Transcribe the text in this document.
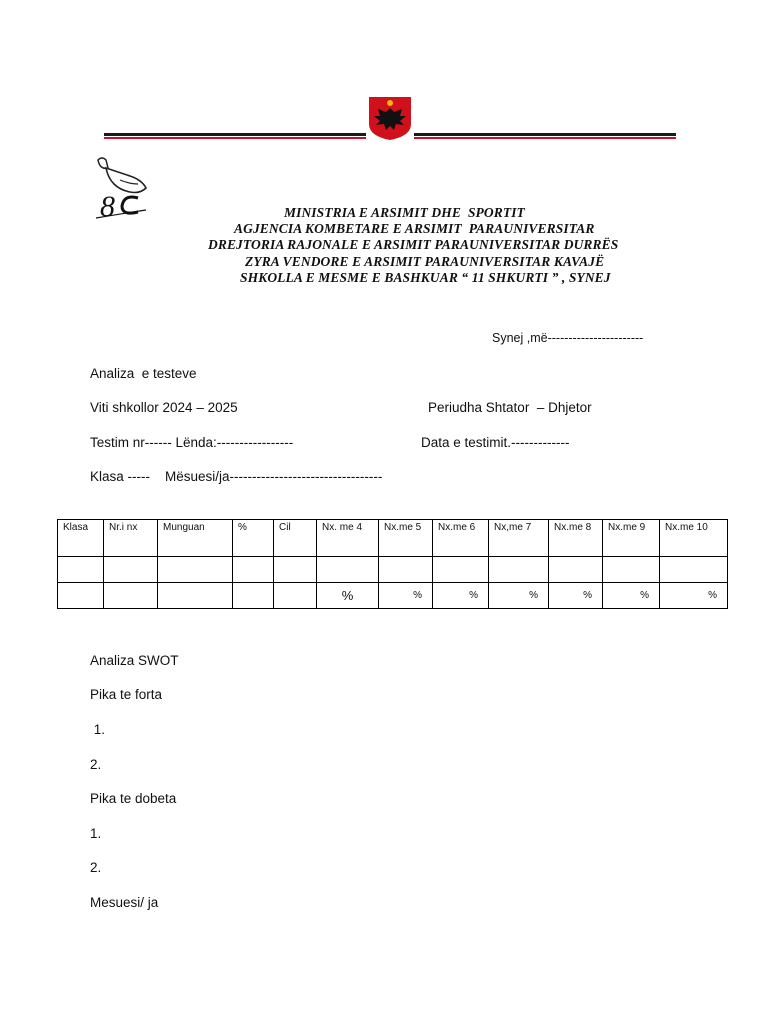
8	MINISTRIA E ARSIMIT DHE  SPORTIT
AGJENCIA KOMBETARE E ARSIMIT  PARAUNIVERSITAR
DREJTORIA RAJONALE E ARSIMIT PARAUNIVERSITAR DURRËS
ZYRA VENDORE E ARSIMIT PARAUNIVERSITAR KAVAJË
SHKOLLA E MESME E BASHKUAR “ 11 SHKURTI ” , SYNEJ
Synej ,më-----------------------
Analiza  e testeve
Viti shkollor 2024 – 2025	Periudha Shtator  – Dhjetor
Testim nr------ Lënda:-----------------	Data e testimit.-------------
Klasa -----    Mësuesi/ja----------------------------------
Klasa	Nr.i nx	Munguan	%	Cil	Nx. me 4	Nx.me 5	Nx.me 6	Nx,me 7	Nx.me 8	Nx.me 9	Nx.me 10

					%	%	%	%	%	%	%
Analiza SWOT
Pika te forta
1.
2.
Pika te dobeta
1.
2.
Mesuesi/ ja
